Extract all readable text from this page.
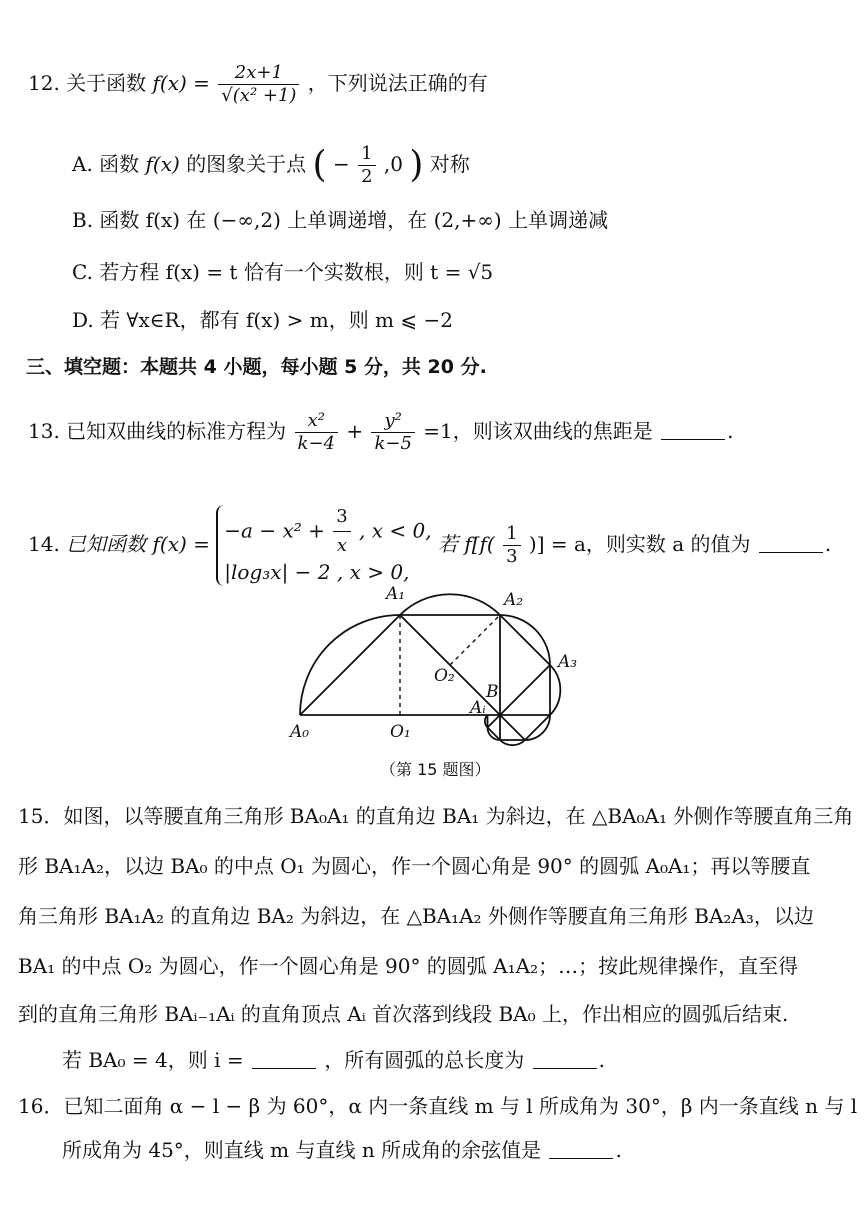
12. 关于函数 $f(x) = \frac{2x+1}{\text{√(x² +1)}}$ ，下列说法正确的有
A. 函数 f(x) 的图象关于点 ( − $\frac{1}{2} ,0$ ) 对称
B. 函数 f(x) 在 (−∞,2) 上单调递增，在 (2,+∞) 上单调递减
C. 若方程 f(x) = t 恰有一个实数根，则 t = √5
D. 若 ∀x∈R，都有 f(x) > m，则 m ⩽ −2
三、填空题：本题共 4 小题，每小题 5 分，共 20 分.
13. 已知双曲线的标准方程为 $\frac{\text{x²}}{k-4} + \frac{\text{y²}}{k-5} =1$，则该双曲线的焦距是	.
14. 已知函数 f(x) =
$-a - x^2 + \frac{3}{x}$ , x < 0,
|log₃x| − 2 , x > 0,
若 $f[f( \frac{1}{3}$ )] = a，则实数 a 的值为	.
A₁	A₂
A₃
A₀	O₁
O₂
B
Aᵢ
（第 15 题图）
15．如图，以等腰直角三角形 BA₀A₁ 的直角边 BA₁ 为斜边，在 △BA₀A₁ 外侧作等腰直角三角
形 BA₁A₂，以边 BA₀ 的中点 O₁ 为圆心，作一个圆心角是 90° 的圆弧 A₀A₁；再以等腰直
角三角形 BA₁A₂ 的直角边 BA₂ 为斜边，在 △BA₁A₂ 外侧作等腰直角三角形 BA₂A₃，以边
BA₁ 的中点 O₂ 为圆心，作一个圆心角是 90° 的圆弧 A₁A₂；…；按此规律操作，直至得
到的直角三角形 BAᵢ₋₁Aᵢ 的直角顶点 Aᵢ 首次落到线段 BA₀ 上，作出相应的圆弧后结束.
若 BA₀ = 4，则 i =	，所有圆弧的总长度为	.
16．已知二面角 α − l − β 为 60°，α 内一条直线 m 与 l 所成角为 30°，β 内一条直线 n 与 l
所成角为 45°，则直线 m 与直线 n 所成角的余弦值是	.
